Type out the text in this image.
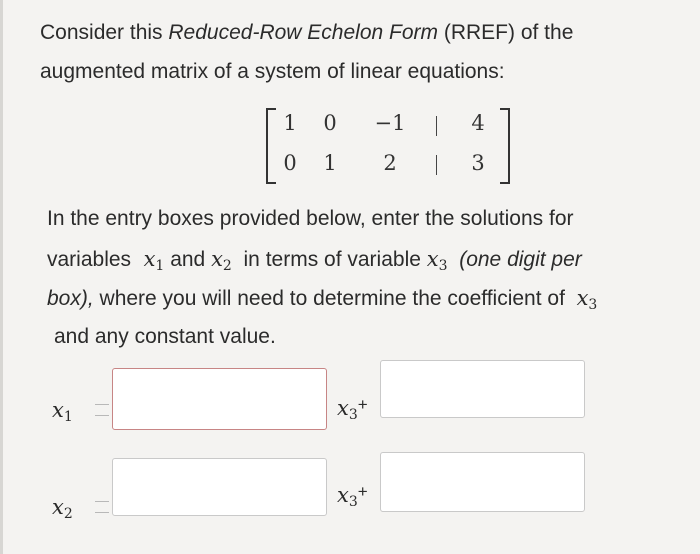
Consider this Reduced-Row Echelon Form (RREF) of the

augmented matrix of a system of linear equations:

1	0	−1	4
0	1	2	3

In the entry boxes provided below, enter the solutions for

variables $x_1$ and $x_2$ in terms of variable $x_3$ (one digit per

box), where you will need to determine the coefficient of $x_3$

and any constant value.

$x_1$	$x_3^+$
$x_2$
$x_3^+$
